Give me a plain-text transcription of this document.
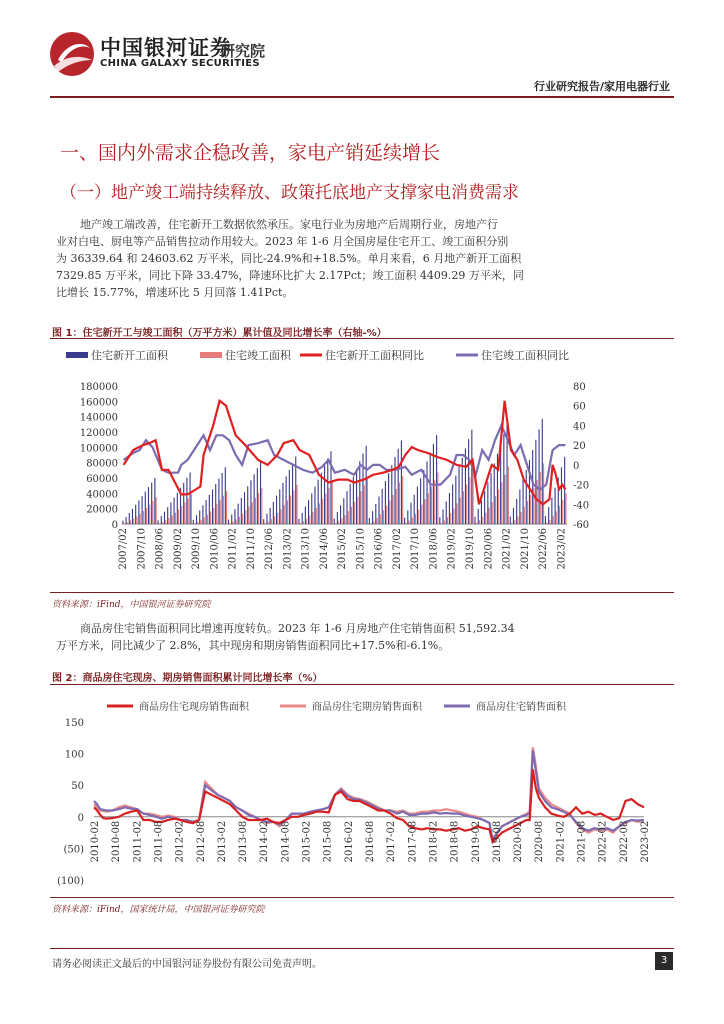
中国银河证券
研究院
CHINA GALAXY SECURITIES
行业研究报告/家用电器行业
一、国内外需求企稳改善，家电产销延续增长
（一）地产竣工端持续释放、政策托底地产支撑家电消费需求

地产竣工端改善，住宅新开工数据依然承压。家电行业为房地产后周期行业，房地产行

业对白电、厨电等产品销售拉动作用较大。2023 年 1-6 月全国房屋住宅开工、竣工面积分别

为 36339.64 和 24603.62 万平米，同比-24.9%和+18.5%。单月来看，6 月地产新开工面积

7329.85 万平米，同比下降 33.47%，降速环比扩大 2.17Pct；竣工面积 4409.29 万平米，同

比增长 15.77%，增速环比 5 月回落 1.41Pct。

图 1：住宅新开工与竣工面积（万平方米）累计值及同比增长率（右轴-%）
住宅新开工面积	住宅竣工面积	住宅新开工面积同比	住宅竣工面积同比
0
20000
40000
60000
80000
100000
120000
140000
160000
180000
-60
-40
-20
0
20
40
60
80
2007/02 2007/10 2008/06 2009/02 2009/10 2010/06 2011/02 2011/10 2012/06 2013/02 2013/10 2014/06 2015/02 2015/10 2016/06 2017/02 2017/10 2018/06 2019/02 2019/10 2020/06 2021/02 2021/10 2022/06 2023/02
资料来源：iFind，中国银河证券研究院

商品房住宅销售面积同比增速再度转负。2023 年 1-6 月房地产住宅销售面积 51,592.34

万平方米，同比减少了 2.8%，其中现房和期房销售面积同比+17.5%和-6.1%。

图 2：商品房住宅现房、期房销售面积累计同比增长率（%）
商品房住宅现房销售面积	商品房住宅期房销售面积	商品房住宅销售面积
150
100
50
0
(50)
(100)
2010-02 2010-08 2011-02 2011-08 2012-02 2012-08 2013-02 2013-08 2014-02 2014-08 2015-02 2015-08 2016-02 2016-08 2017-02 2017-08 2018-02 2018-08 2019-02 2019-08 2020-02 2020-08 2021-02 2021-08 2022-02 2022-08 2023-02
资料来源：iFind，国家统计局，中国银河证券研究院
请务必阅读正文最后的中国银河证券股份有限公司免责声明。	3
